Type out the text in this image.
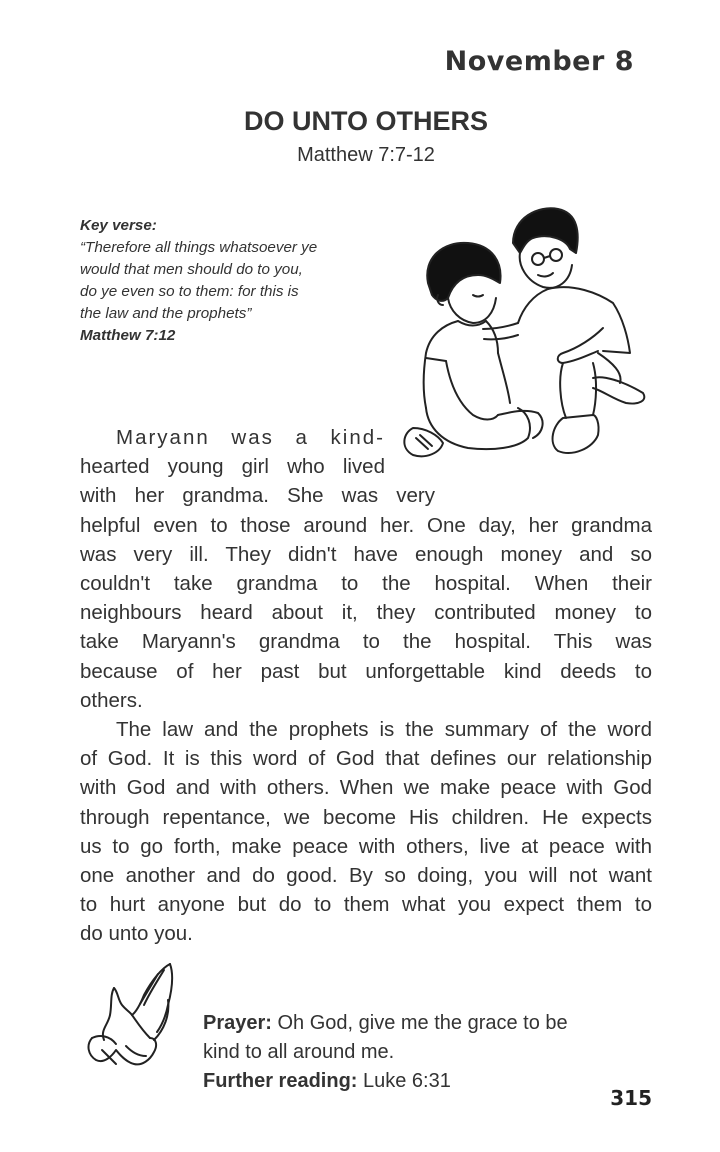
November 8
DO UNTO OTHERS
Matthew 7:7-12
Key verse:
“Therefore all things whatsoever ye
would that men should do to you,
do ye even so to them: for this is
the law and the prophets”
Matthew 7:12
Maryann was a kind-
hearted young girl who lived
with her grandma. She was very
helpful even to those around her. One day, her grandma
was very ill. They didn't have enough money and so
couldn't take grandma to the hospital. When their
neighbours heard about it, they contributed money to
take Maryann's grandma to the hospital. This was
because of her past but unforgettable kind deeds to
others.
The law and the prophets is the summary of the word
of God. It is this word of God that defines our relationship
with God and with others. When we make peace with God
through repentance, we become His children. He expects
us to go forth, make peace with others, live at peace with
one another and do good. By so doing, you will not want
to hurt anyone but do to them what you expect them to
do unto you.
Prayer: Oh God, give me the grace to be
kind to all around me.
Further reading: Luke 6:31
315
